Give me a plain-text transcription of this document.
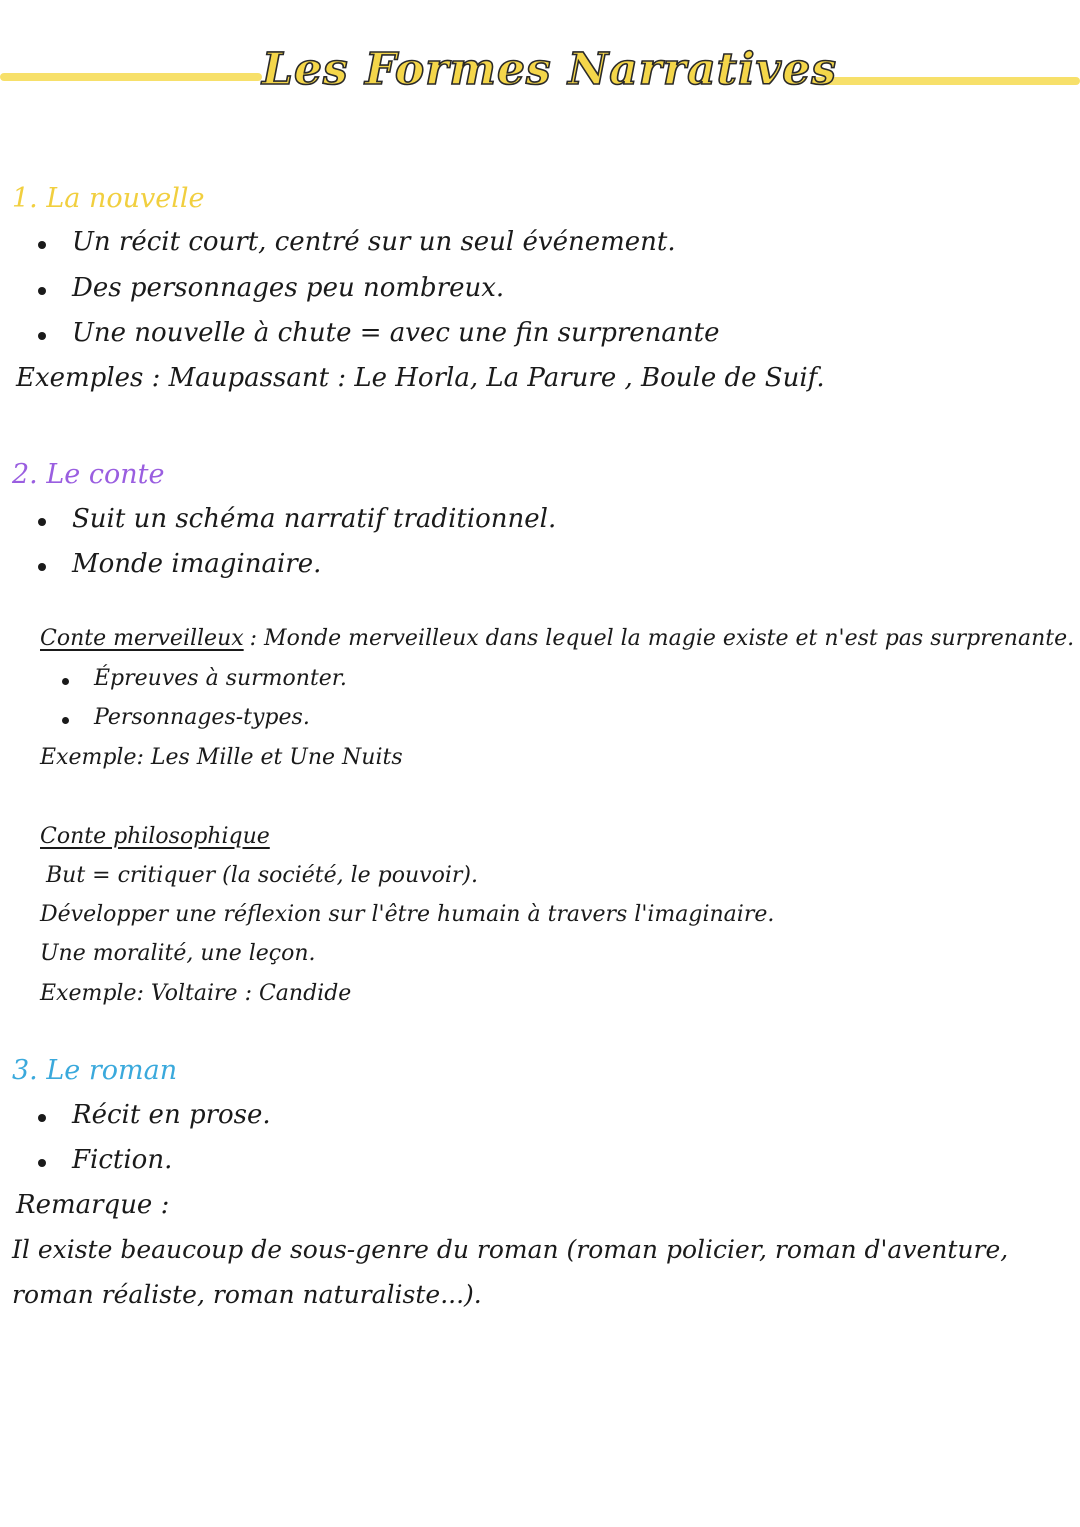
Les Formes Narratives
1. La nouvelle
Un récit court, centré sur un seul événement.
Des personnages peu nombreux.
Une nouvelle à chute = avec une fin surprenante
Exemples : Maupassant : Le Horla, La Parure , Boule de Suif.
2. Le conte
Suit un schéma narratif traditionnel.
Monde imaginaire.
Conte merveilleux : Monde merveilleux dans lequel la magie existe et n'est pas surprenante.
Épreuves à surmonter.
Personnages-types.
Exemple: Les Mille et Une Nuits
Conte philosophique
But = critiquer (la société, le pouvoir).
Développer une réflexion sur l'être humain à travers l'imaginaire.
Une moralité, une leçon.
Exemple: Voltaire : Candide
3. Le roman
Récit en prose.
Fiction.
Remarque :
Il existe beaucoup de sous-genre du roman (roman policier, roman d'aventure,
roman réaliste, roman naturaliste...).
